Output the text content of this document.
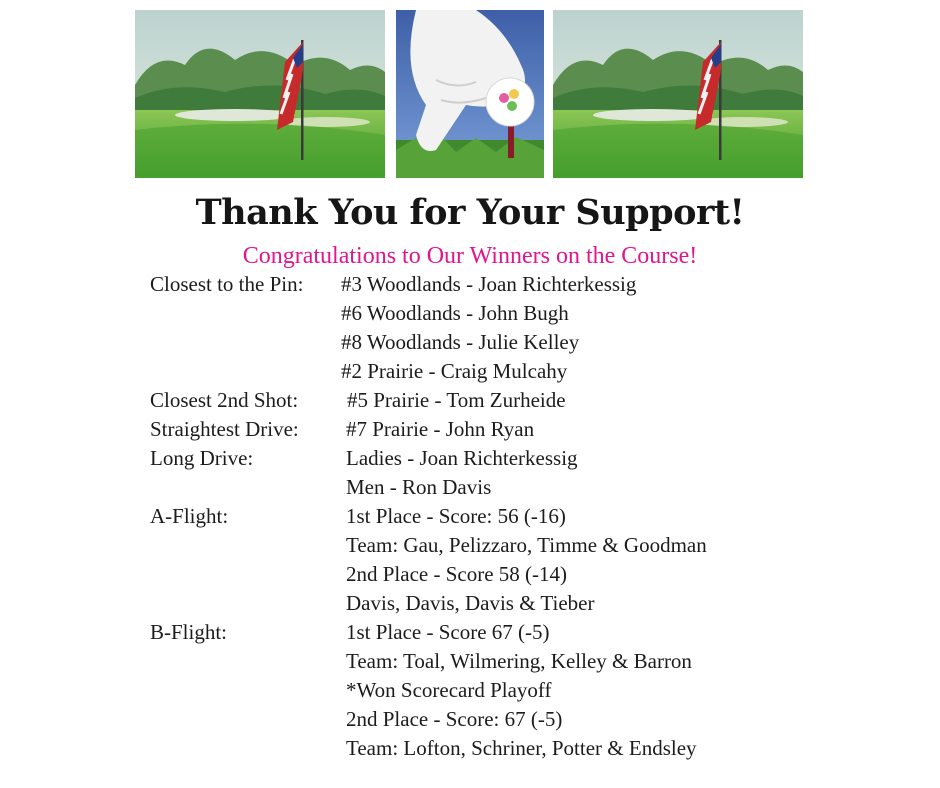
Thank You for Your Support!
Congratulations to Our Winners on the Course!
Closest to the Pin: #3 Woodlands - Joan Richterkessig
#6 Woodlands - John Bugh
#8 Woodlands - Julie Kelley
#2 Prairie - Craig Mulcahy
Closest 2nd Shot: #5 Prairie - Tom Zurheide
Straightest Drive: #7 Prairie - John Ryan
Long Drive:	Ladies - Joan Richterkessig
Men - Ron Davis
A-Flight:	1st Place - Score: 56 (-16)
Team: Gau, Pelizzaro, Timme & Goodman
2nd Place - Score 58 (-14)
Davis, Davis, Davis & Tieber
B-Flight:	1st Place - Score 67 (-5)
Team: Toal, Wilmering, Kelley & Barron
*Won Scorecard Playoff
2nd Place - Score: 67 (-5)
Team: Lofton, Schriner, Potter & Endsley
